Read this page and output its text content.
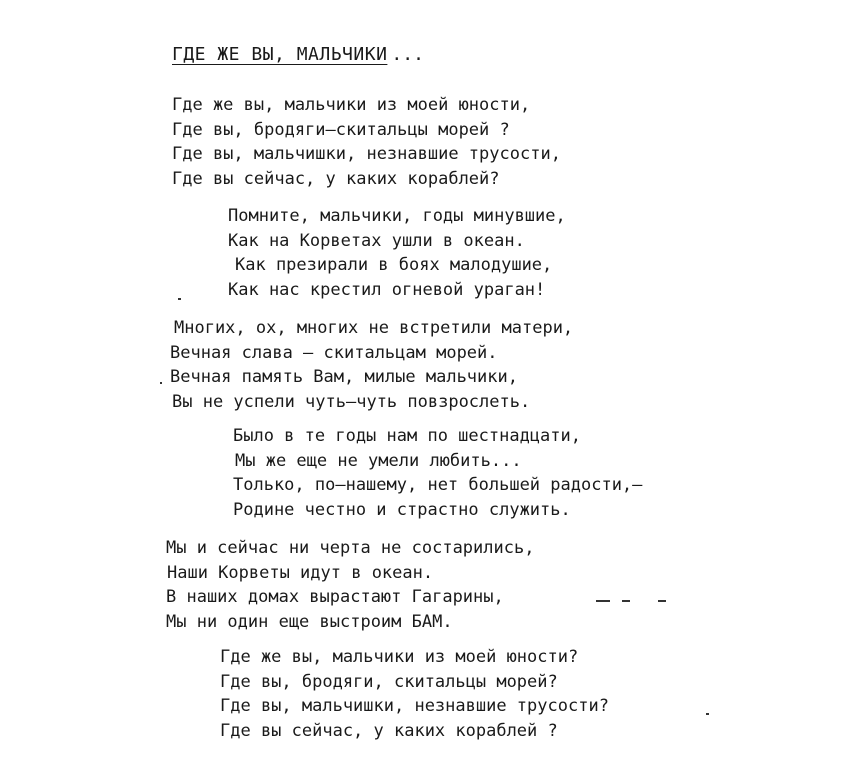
ГДЕ ЖЕ ВЫ, МАЛЬЧИКИ ...
Где же вы, мальчики из моей юности,
Где вы, бродяги–скитальцы морей ?
Где вы, мальчишки, незнавшие трусости,
Где вы сейчас, у каких кораблей?
Помните, мальчики, годы минувшие,
Как на Корветах ушли в океан.
Как презирали в боях малодушие,
Как нас крестил огневой ураган!
Многих, ох, многих не встретили матери,
Вечная слава – скитальцам морей.
Вечная память Вам, милые мальчики,
Вы не успели чуть–чуть повзрослеть.
Было в те годы нам по шестнадцати,
Мы же еще не умели любить...
Только, по–нашему, нет большей радости,–
Родине честно и страстно служить.
Мы и сейчас ни черта не состарились,
Наши Корветы идут в океан.
В наших домах вырастают Гагарины,
Мы ни один еще выстроим БАМ.
Где же вы, мальчики из моей юности?
Где вы, бродяги, скитальцы морей?
Где вы, мальчишки, незнавшие трусости?
Где вы сейчас, у каких кораблей ?
